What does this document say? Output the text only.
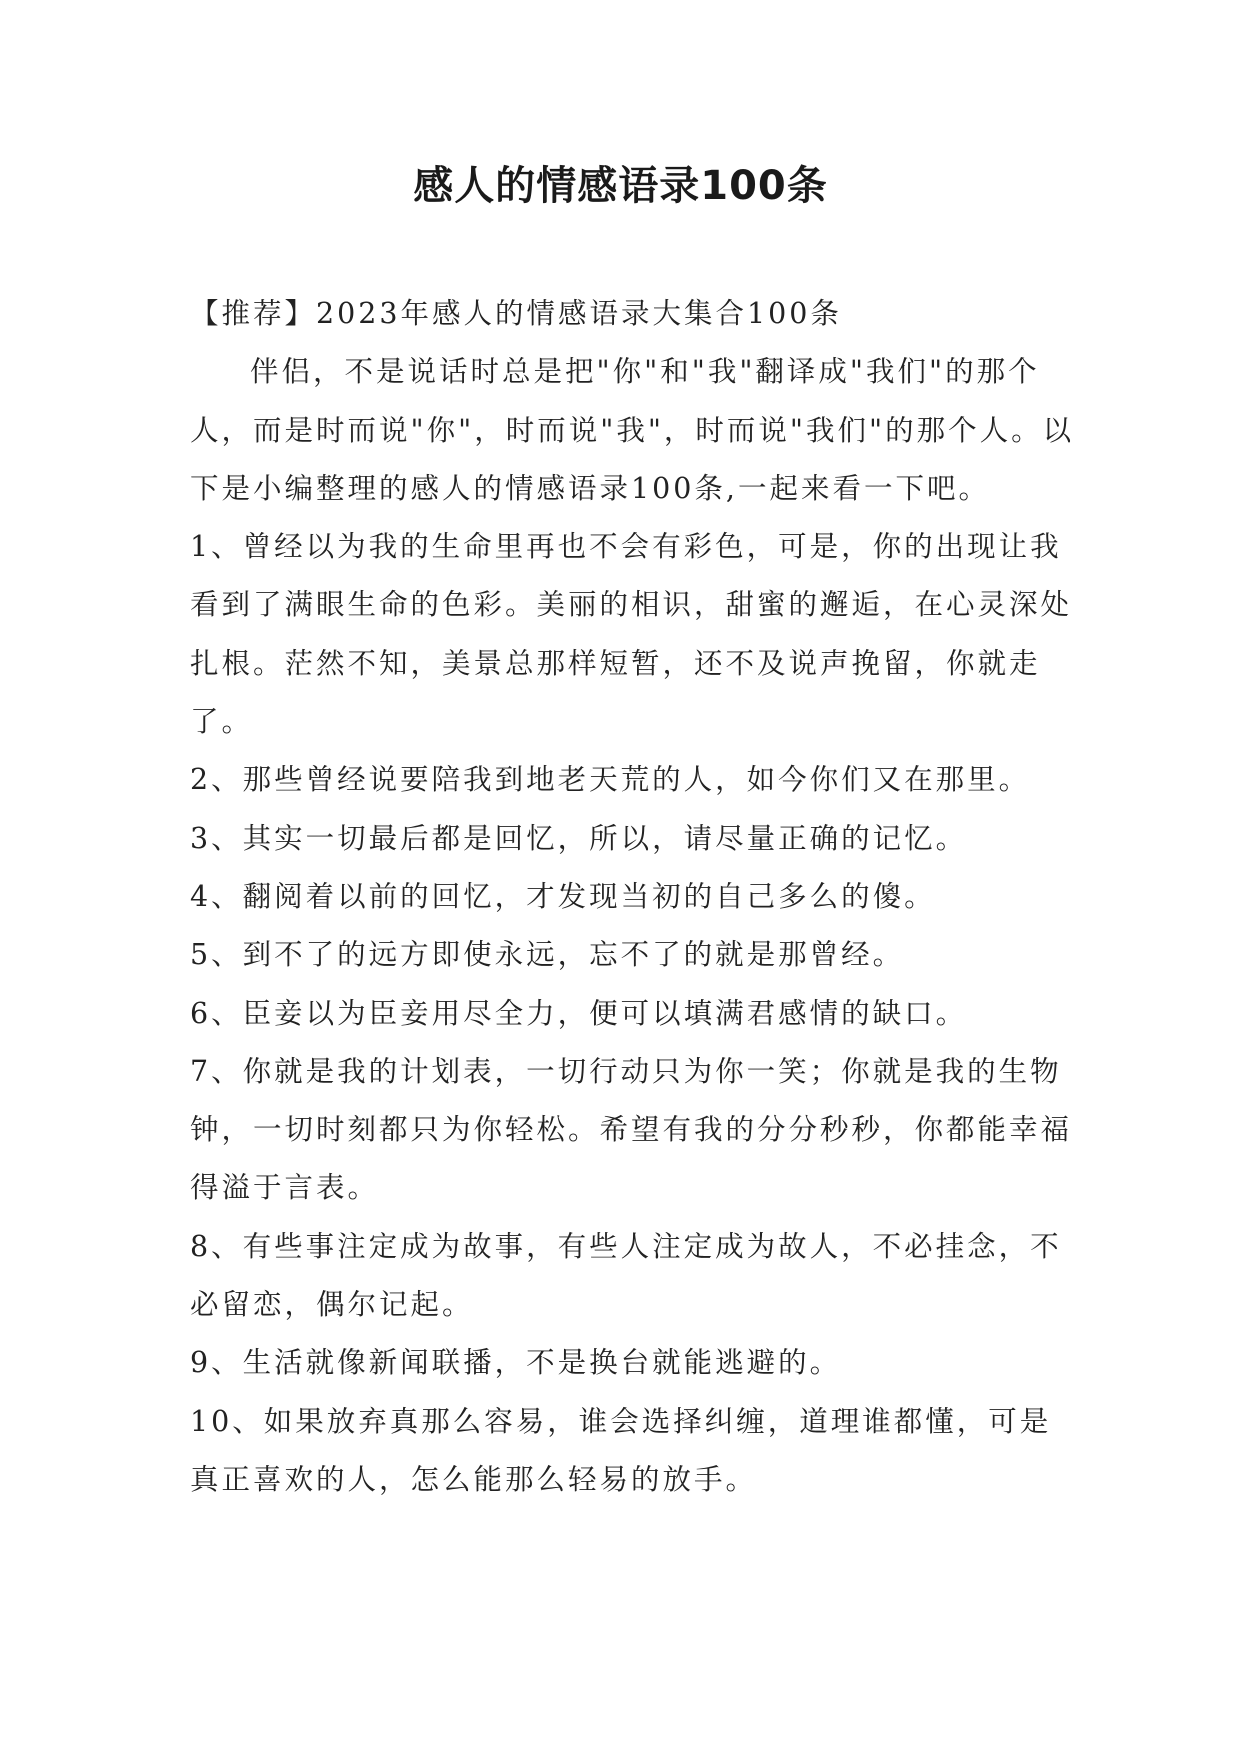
感人的情感语录100条

【推荐】2023年感人的情感语录大集合100条

伴侣，不是说话时总是把"你"和"我"翻译成"我们"的那个人，而是时而说"你"，时而说"我"，时而说"我们"的那个人。以下是小编整理的感人的情感语录100条,一起来看一下吧。

1、曾经以为我的生命里再也不会有彩色，可是，你的出现让我看到了满眼生命的色彩。美丽的相识，甜蜜的邂逅，在心灵深处扎根。茫然不知，美景总那样短暂，还不及说声挽留，你就走了。

2、那些曾经说要陪我到地老天荒的人，如今你们又在那里。

3、其实一切最后都是回忆，所以，请尽量正确的记忆。

4、翻阅着以前的回忆，才发现当初的自己多么的傻。

5、到不了的远方即使永远，忘不了的就是那曾经。

6、臣妾以为臣妾用尽全力，便可以填满君感情的缺口。

7、你就是我的计划表，一切行动只为你一笑；你就是我的生物钟，一切时刻都只为你轻松。希望有我的分分秒秒，你都能幸福得溢于言表。

8、有些事注定成为故事，有些人注定成为故人，不必挂念，不必留恋，偶尔记起。

9、生活就像新闻联播，不是换台就能逃避的。

10、如果放弃真那么容易，谁会选择纠缠，道理谁都懂，可是真正喜欢的人，怎么能那么轻易的放手。
